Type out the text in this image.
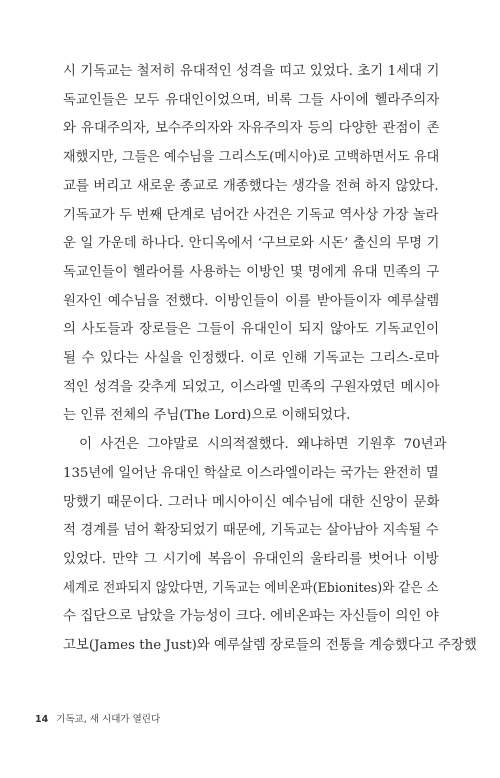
시 기독교는 철저히 유대적인 성격을 띠고 있었다. 초기 1세대 기
독교인들은 모두 유대인이었으며, 비록 그들 사이에 헬라주의자
와 유대주의자, 보수주의자와 자유주의자 등의 다양한 관점이 존
재했지만, 그들은 예수님을 그리스도(메시아)로 고백하면서도 유대
교를 버리고 새로운 종교로 개종했다는 생각을 전혀 하지 않았다.
기독교가 두 번째 단계로 넘어간 사건은 기독교 역사상 가장 놀라
운 일 가운데 하나다. 안디옥에서 ‘구브로와 시돈’ 출신의 무명 기
독교인들이 헬라어를 사용하는 이방인 몇 명에게 유대 민족의 구
원자인 예수님을 전했다. 이방인들이 이를 받아들이자 예루살렘
의 사도들과 장로들은 그들이 유대인이 되지 않아도 기독교인이
될 수 있다는 사실을 인정했다. 이로 인해 기독교는 그리스-로마
적인 성격을 갖추게 되었고, 이스라엘 민족의 구원자였던 메시아
는 인류 전체의 주님(The Lord)으로 이해되었다.
이 사건은 그야말로 시의적절했다. 왜냐하면 기원후 70년과
135년에 일어난 유대인 학살로 이스라엘이라는 국가는 완전히 멸
망했기 때문이다. 그러나 메시아이신 예수님에 대한 신앙이 문화
적 경계를 넘어 확장되었기 때문에, 기독교는 살아남아 지속될 수
있었다. 만약 그 시기에 복음이 유대인의 울타리를 벗어나 이방
세계로 전파되지 않았다면, 기독교는 에비온파(Ebionites)와 같은 소
수 집단으로 남았을 가능성이 크다. 에비온파는 자신들이 의인 야
고보(James the Just)와 예루살렘 장로들의 전통을 계승했다고 주장했
14 기독교, 새 시대가 열린다
